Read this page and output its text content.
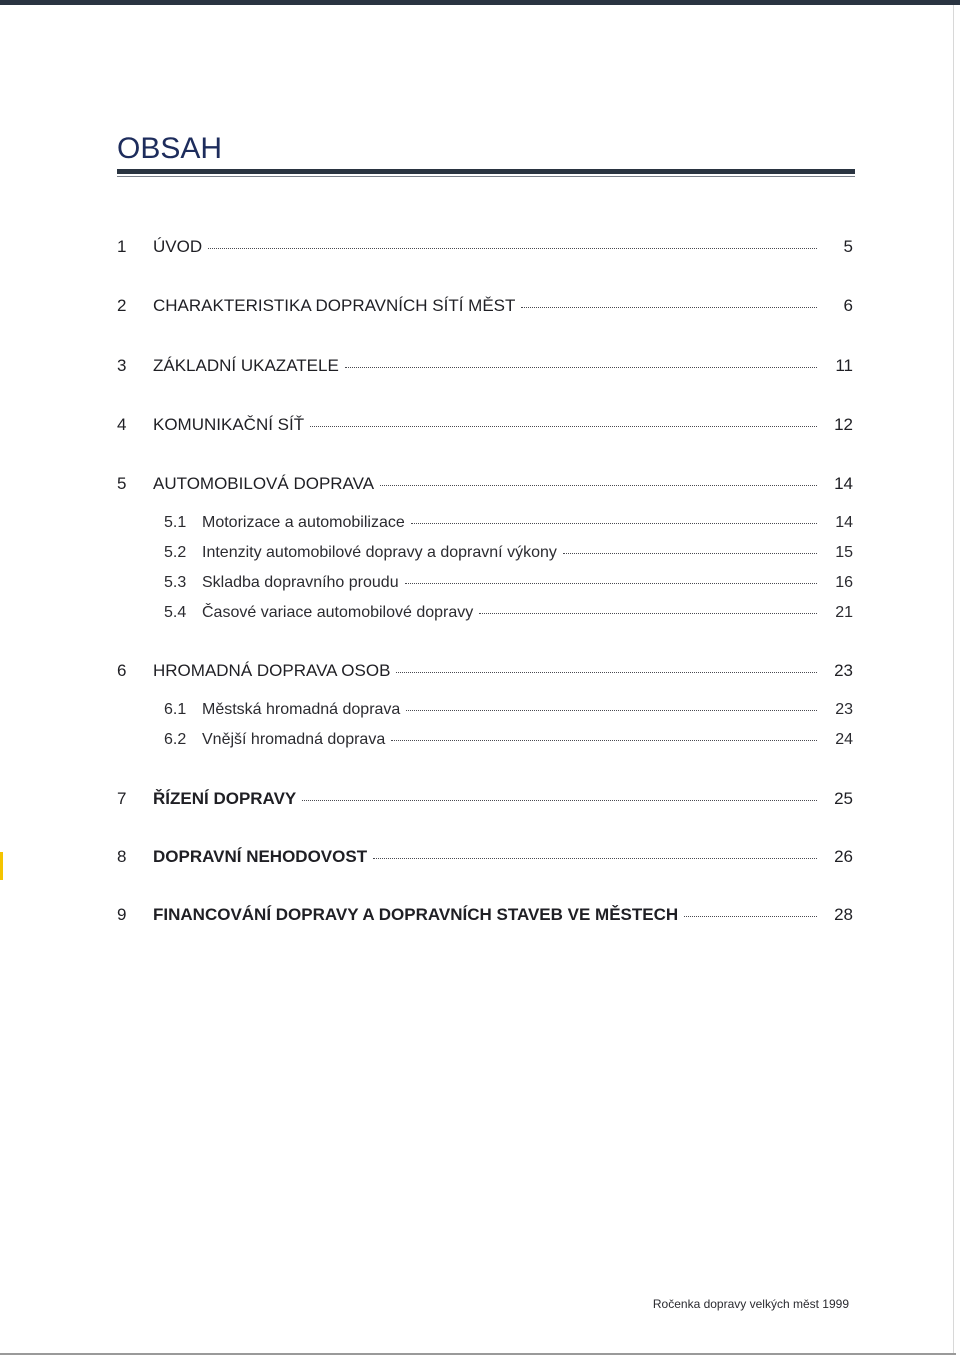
OBSAH
1	ÚVOD	5
2	CHARAKTERISTIKA DOPRAVNÍCH SÍTÍ MĚST	6
3	ZÁKLADNÍ UKAZATELE	11
4	KOMUNIKAČNÍ SÍŤ	12
5	AUTOMOBILOVÁ DOPRAVA	14
5.1 Motorizace a automobilizace	14
5.2 Intenzity automobilové dopravy a dopravní výkony	15
5.3 Skladba dopravního proudu	16
5.4 Časové variace automobilové dopravy	21
6	HROMADNÁ DOPRAVA OSOB	23
6.1 Městská hromadná doprava	23
6.2 Vnější hromadná doprava	24
7	ŘÍZENÍ DOPRAVY	25
8	DOPRAVNÍ NEHODOVOST	26
9	FINANCOVÁNÍ DOPRAVY A DOPRAVNÍCH STAVEB VE MĚSTECH	28
Ročenka dopravy velkých měst 1999
